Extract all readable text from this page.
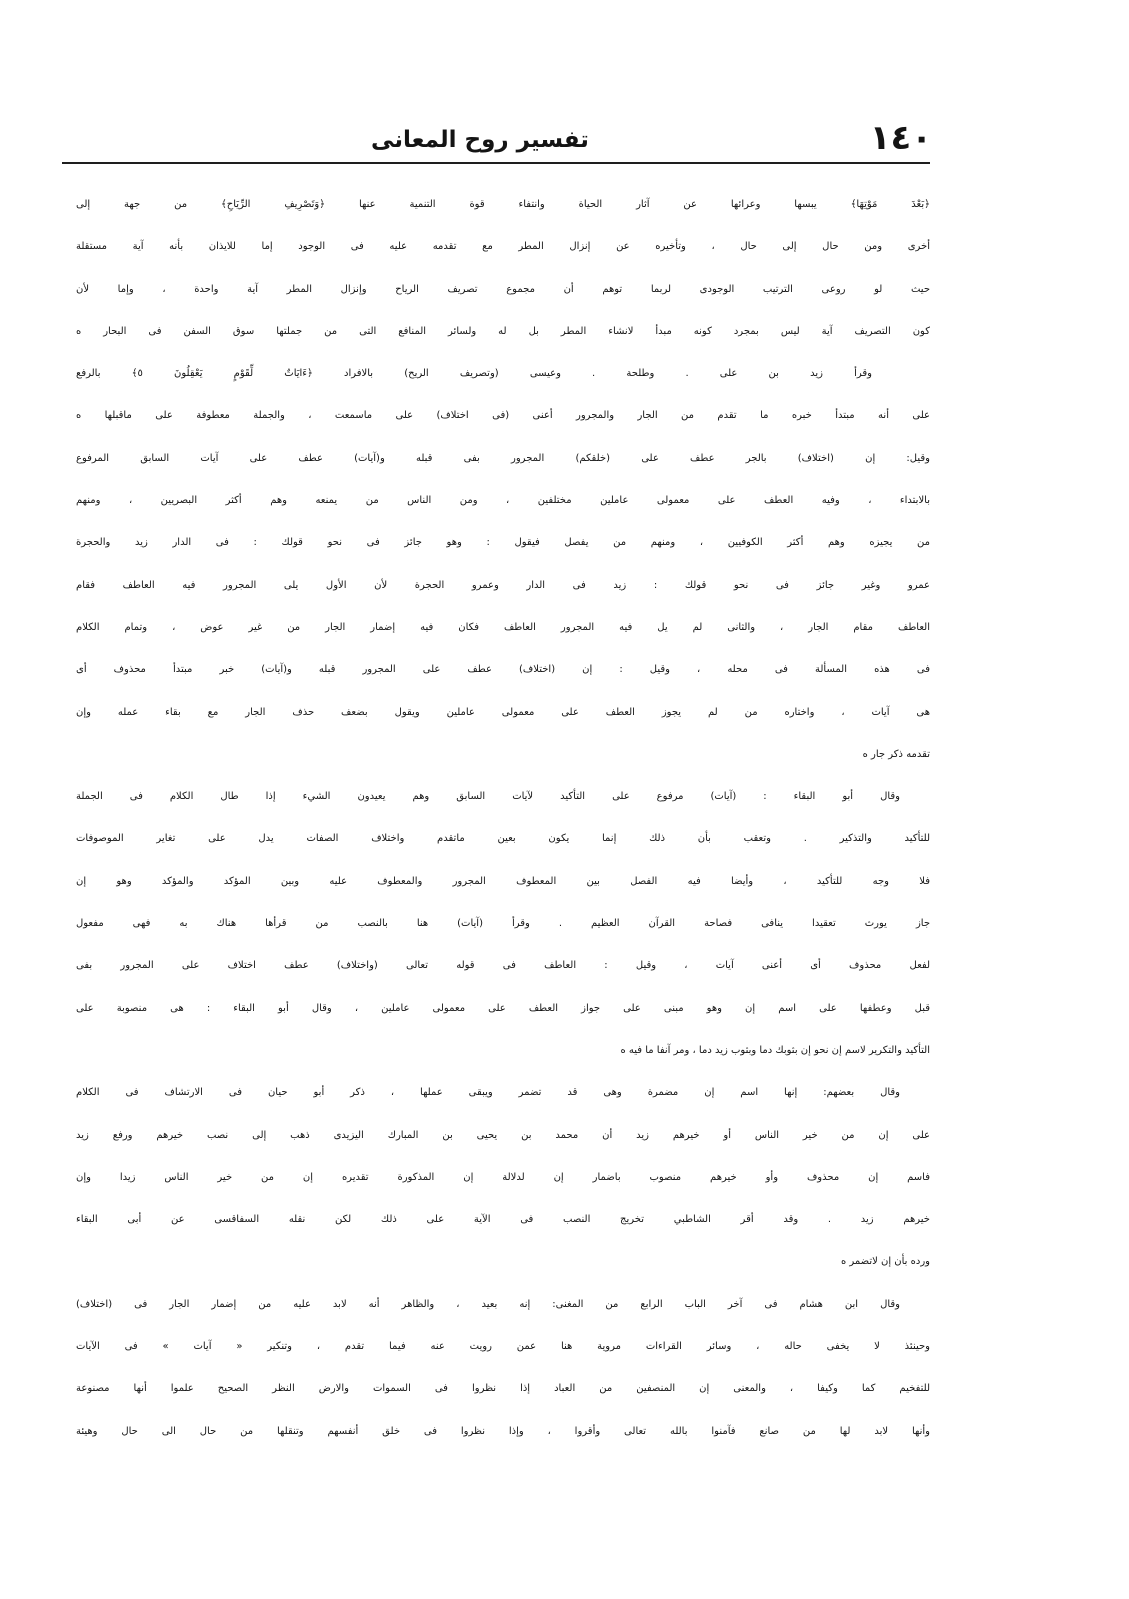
١٤٠
تفسير روح المعانى
﴿بَعْدَ مَوْتِهَا﴾ يبسها وعرائها عن آثار الحياة وانتفاء قوة التنمية عنها ﴿وَتَصْرِيفِ الرِّيَاحِ﴾ من جهة إلى
أخرى ومن حال إلى حال ، وتأخيره عن إنزال المطر مع تقدمه عليه فى الوجود إما للايذان بأنه آية مستقلة
حيث لو روعى الترتيب الوجودى لربما توهم أن مجموع تصريف الرياح وإنزال المطر آية واحدة ، وإما لأن
كون التصريف آية ليس بمجرد كونه مبدأ لانشاء المطر بل له ولسائر المنافع التى من جملتها سوق السفن فى البحار ه
وقرأ زيد بن على . وطلحة . وعيسى (وتصريف الريح) بالافراد ﴿ءَايَاتٌ لِّقَوْمٍ يَعْقِلُونَ ٥﴾ بالرفع
على أنه مبتدأ خبره ما تقدم من الجار والمجرور أعنى (فى اختلاف) على ماسمعت ، والجملة معطوفة على ماقبلها ه
وقيل: إن (اختلاف) بالجر عطف على (خلقكم) المجرور بفى قبله و(آيات) عطف على آيات السابق المرفوع
بالابتداء ، وفيه العطف على معمولى عاملين مختلفين ، ومن الناس من يمنعه وهم أكثر البصريين ، ومنهم
من يجيزه وهم أكثر الكوفيين ، ومنهم من يفصل فيقول : وهو جائز فى نحو قولك : فى الدار زيد والحجرة
عمرو وغير جائز فى نحو قولك : زيد فى الدار وعمرو الحجرة لأن الأول يلى المجرور فيه العاطف فقام
العاطف مقام الجار ، والثانى لم يل فيه المجرور العاطف فكان فيه إضمار الجار من غير عوض ، وتمام الكلام
فى هذه المسألة فى محله ، وقيل : إن (اختلاف) عطف على المجرور قبله و(آيات) خبر مبتدأ محذوف أى
هى آيات ، واختاره من لم يجوز العطف على معمولى عاملين ويقول بضعف حذف الجار مع بقاء عمله وإن
تقدمه ذكر جار ه
وقال أبو البقاء : (آيات) مرفوع على التأكيد لآيات السابق وهم يعيدون الشيء إذا طال الكلام فى الجملة
للتأكيد والتذكير . وتعقب بأن ذلك إنما يكون بعين ماتقدم واختلاف الصفات يدل على تغاير الموصوفات
فلا وجه للتأكيد ، وأيضا فيه الفصل بين المعطوف المجرور والمعطوف عليه وبين المؤكد والمؤكد وهو إن
جاز يورث تعقيدا ينافى فصاحة القرآن العظيم . وقرأ (آيات) هنا بالنصب من قرأها هناك به فهى مفعول
لفعل محذوف أى أعنى آيات ، وقيل : العاطف فى قوله تعالى (واختلاف) عطف اختلاف على المجرور بفى
قبل وعطفها على اسم إن وهو مبنى على جواز العطف على معمولى عاملين ، وقال أبو البقاء : هى منصوبة على
التأكيد والتكرير لاسم إن نحو إن بثوبك دما وبثوب زيد دما ، ومر آنفا ما فيه ه
وقال بعضهم: إنها اسم إن مضمرة وهى قد تضمر ويبقى عملها ، ذكر أبو حيان فى الارتشاف فى الكلام
على إن من خير الناس أو خيرهم زيد أن محمد بن يحيى بن المبارك اليزيدى ذهب إلى نصب خيرهم ورفع زيد
فاسم إن محذوف وأو خيرهم منصوب باضمار إن لدلالة إن المذكورة تقديره إن من خير الناس زيدا وإن
خيرهم زيد . وقد أقر الشاطبي تخريج النصب فى الآية على ذلك لكن نقله السفاقسى عن أبى البقاء
ورده بأن إن لاتضمر ه
وقال ابن هشام فى آخر الباب الرابع من المغنى: إنه بعيد ، والظاهر أنه لابد عليه من إضمار الجار فى (اختلاف)
وحينئذ لا يخفى حاله ، وسائر القراءات مروية هنا عمن رويت عنه فيما تقدم ، وتنكير « آيات » فى الآيات
للتفخيم كما وكيفا ، والمعنى إن المنصفين من العباد إذا نظروا فى السموات والارض النظر الصحيح علموا أنها مصنوعة
وأنها لابد لها من صانع فآمنوا بالله تعالى وأقروا ، وإذا نظروا فى خلق أنفسهم وتنقلها من حال الى حال وهيئة
